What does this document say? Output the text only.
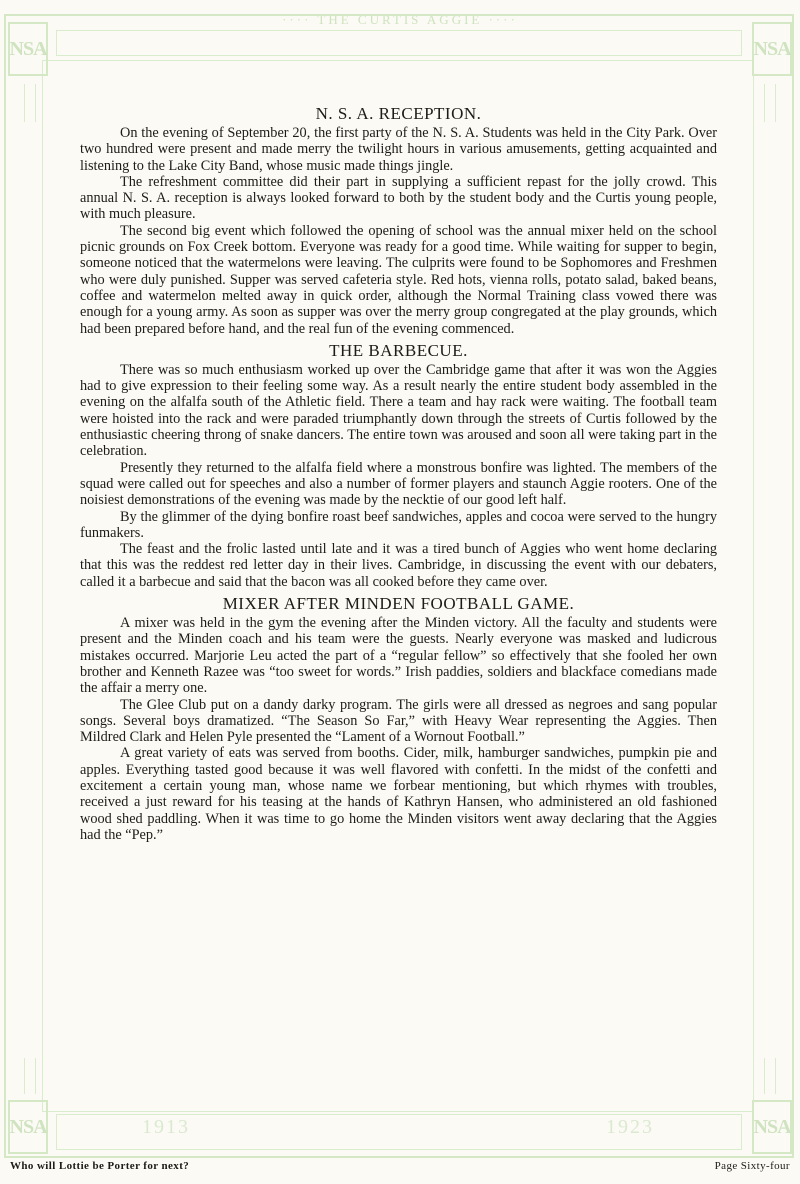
···· THE CURTIS AGGIE ····
NSA	NSA
NSA	NSA
1913	1923
N. S. A. RECEPTION.

On the evening of September 20, the first party of the N. S. A. Students was held in the City Park. Over two hundred were present and made merry the twilight hours in various amusements, getting acquainted and listening to the Lake City Band, whose music made things jingle.

The refreshment committee did their part in supplying a sufficient repast for the jolly crowd. This annual N. S. A. reception is always looked forward to both by the student body and the Curtis young people, with much pleasure.

The second big event which followed the opening of school was the annual mixer held on the school picnic grounds on Fox Creek bottom. Everyone was ready for a good time. While waiting for supper to begin, someone noticed that the watermelons were leaving. The culprits were found to be Sophomores and Freshmen who were duly punished. Supper was served cafeteria style. Red hots, vienna rolls, potato salad, baked beans, coffee and watermelon melted away in quick order, although the Normal Training class vowed there was enough for a young army. As soon as supper was over the merry group congregated at the play grounds, which had been prepared before hand, and the real fun of the evening commenced.

THE BARBECUE.

There was so much enthusiasm worked up over the Cambridge game that after it was won the Aggies had to give expression to their feeling some way. As a result nearly the entire student body assembled in the evening on the alfalfa south of the Athletic field. There a team and hay rack were waiting. The football team were hoisted into the rack and were paraded triumphantly down through the streets of Curtis followed by the enthusiastic cheering throng of snake dancers. The entire town was aroused and soon all were taking part in the celebration.

Presently they returned to the alfalfa field where a monstrous bonfire was lighted. The members of the squad were called out for speeches and also a number of former players and staunch Aggie rooters. One of the noisiest demonstrations of the evening was made by the necktie of our good left half.

By the glimmer of the dying bonfire roast beef sandwiches, apples and cocoa were served to the hungry funmakers.

The feast and the frolic lasted until late and it was a tired bunch of Aggies who went home declaring that this was the reddest red letter day in their lives. Cambridge, in discussing the event with our debaters, called it a barbecue and said that the bacon was all cooked before they came over.

MIXER AFTER MINDEN FOOTBALL GAME.

A mixer was held in the gym the evening after the Minden victory. All the faculty and students were present and the Minden coach and his team were the guests. Nearly everyone was masked and ludicrous mistakes occurred. Marjorie Leu acted the part of a “regular fellow” so effectively that she fooled her own brother and Kenneth Razee was “too sweet for words.” Irish paddies, soldiers and blackface comedians made the affair a merry one.

The Glee Club put on a dandy darky program. The girls were all dressed as negroes and sang popular songs. Several boys dramatized. “The Season So Far,” with Heavy Wear representing the Aggies. Then Mildred Clark and Helen Pyle presented the “Lament of a Wornout Football.”

A great variety of eats was served from booths. Cider, milk, hamburger sandwiches, pumpkin pie and apples. Everything tasted good because it was well flavored with confetti. In the midst of the confetti and excitement a certain young man, whose name we forbear mentioning, but which rhymes with troubles, received a just reward for his teasing at the hands of Kathryn Hansen, who administered an old fashioned wood shed paddling. When it was time to go home the Minden visitors went away declaring that the Aggies had the “Pep.”

Who will Lottie be Porter for next?	Page Sixty-four
